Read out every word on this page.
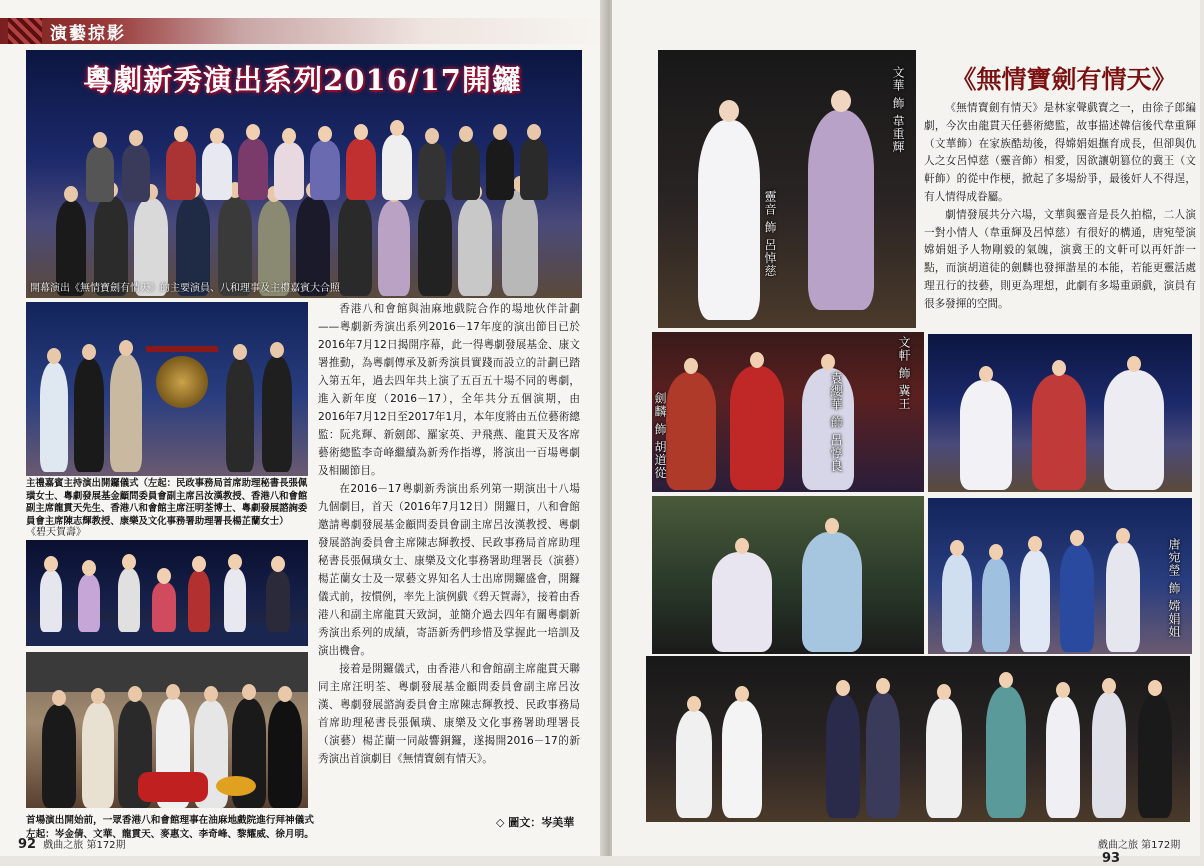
演藝掠影
開幕演出《無情寶劍有情天》的主要演員、八和理事及主禮嘉賓大合照
粵劇新秀演出系列2016/17開鑼
主禮嘉賓主持演出開鑼儀式（左起：民政事務局首席助理秘書長張佩璜女士、粵劇發展基金顧問委員會副主席呂汝漢教授、香港八和會館副主席龍貫天先生、香港八和會館主席汪明荃博士、粵劇發展諮詢委員會主席陳志輝教授、康樂及文化事務署助理署長楊芷蘭女士）
《碧天賀壽》
首場演出開始前，一眾香港八和會館理事在油麻地戲院進行拜神儀式
左起：岑金倩、文華、龍貫天、麥惠文、李奇峰、黎耀威、徐月明。

香港八和會館與油麻地戲院合作的場地伙伴計劃——粵劇新秀演出系列2016－17年度的演出節目已於2016年7月12日揭開序幕，此一得粵劇發展基金、康文署推動，為粵劇傳承及新秀演員實踐而設立的計劃已踏入第五年，過去四年共上演了五百五十場不同的粵劇，進入新年度（2016－17），全年共分五個演期，由2016年7月12日至2017年1月，本年度將由五位藝術總監：阮兆輝、新劍郎、羅家英、尹飛燕、龍貫天及客席藝術總監李奇峰繼續為新秀作指導，將演出一百場粵劇及相關節目。

在2016－17粵劇新秀演出系列第一期演出十八場九個劇目，首天（2016年7月12日）開鑼日，八和會館邀請粵劇發展基金顧問委員會副主席呂汝漢教授、粵劇發展諮詢委員會主席陳志輝教授、民政事務局首席助理秘書長張佩璜女士、康樂及文化事務署助理署長（演藝）楊芷蘭女士及一眾藝文界知名人士出席開鑼盛會，開鑼儀式前，按慣例，率先上演例戲《碧天賀壽》，接着由香港八和副主席龍貫天致詞，並簡介過去四年有關粵劇新秀演出系列的成績，寄語新秀們珍惜及掌握此一培訓及演出機會。

接着是開鑼儀式，由香港八和會館副主席龍貫天聯同主席汪明荃、粵劇發展基金顧問委員會副主席呂汝漢、粵劇發展諮詢委員會主席陳志輝教授、民政事務局首席助理秘書長張佩璜、康樂及文化事務署助理署長（演藝）楊芷蘭一同敲響銅鑼，遂揭開2016－17的新秀演出首演劇目《無情寶劍有情天》。

◇ 圖文：岑美華
92 戲曲之旅 第172期
文華 飾 韋重輝
靈音 飾 呂悼慈
《無情寶劍有情天》

《無情寶劍有情天》是林家聲戲寶之一，由徐子郎編劇，今次由龍貫天任藝術總監，故事描述韓信後代韋重輝（文華飾）在家族酷劫後，得嫦娟姐撫育成長，但卻與仇人之女呂悼慈（靈音飾）相愛，因欲讓朝篡位的冀王（文軒飾）的從中作梗，掀起了多場紛爭，最後奸人不得逞，有人情得成眷屬。

劇情發展共分六場，文華與靈音是長久拍檔，二人演一對小情人（韋重輝及呂悼慈）有很好的構通，唐宛瑩演嫦娟姐予人物剛毅的氣魄，演冀王的文軒可以再奸詐一點，而演胡道徒的劍麟也發揮諧星的本能，若能更靈活處理丑行的技藝，則更為理想，此劇有多場重頭戲，演員有很多發揮的空間。

文軒 飾 冀王
袁纓華 飾 呂惇良
劍麟 飾 胡道從
唐宛瑩 飾 嫦娟姐
戲曲之旅 第172期 93
